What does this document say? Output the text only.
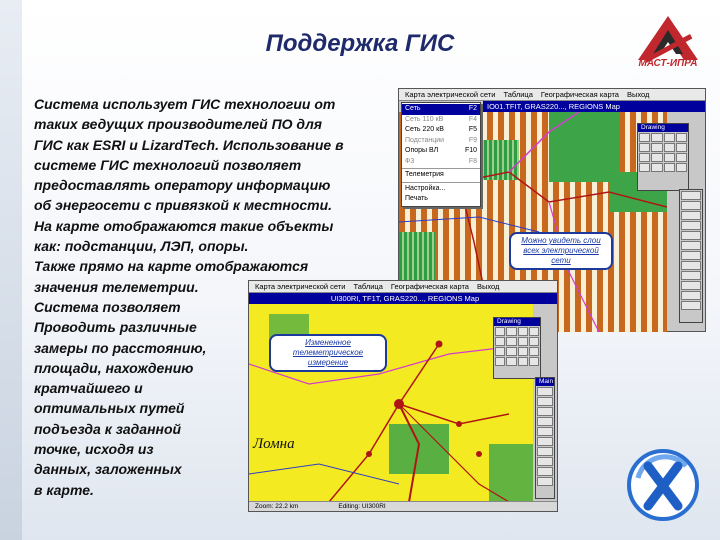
Поддержка ГИС
МАСТ-ИПРА
Система использует ГИС технологии от
таких ведущих производителей ПО для
ГИС как ESRI и LizardTech. Использование в
системе ГИС технологий позволяет
предоставлять оператору информацию
об энергосети с привязкой к местности.
На карте отображаются такие объекты
как: подстанции, ЛЭП, опоры.
Также прямо на карте отображаются
значения телеметрии.
Система позволяет
Проводить различные
замеры по расстоянию,
площади, нахождению
кратчайшего и
оптимальных путей
подъезда к заданной
точке, исходя из
данных, заложенных
в карте.
Карта электрической сети Таблица Географическая карта Выход
IO01.TFIT, GRAS220..., REGIONS Map
Можно увидеть слои
всех электрической
сети
Сеть	F2
Сеть 110 кВ	F4
Сеть 220 кВ	F5
Подстанции	F9
Опоры ВЛ	F10
Ф3	F8
Телеметрия
Настройка...
Печать
Drawing
Карта электрической сети Таблица Географическая карта Выход
UI300RI, TF1T, GRAS220..., REGIONS Map
Измененное
телеметрическое измерение
Ломна
Drawing
Main
Zoom: 22.2 km	Editing: UI300RI
